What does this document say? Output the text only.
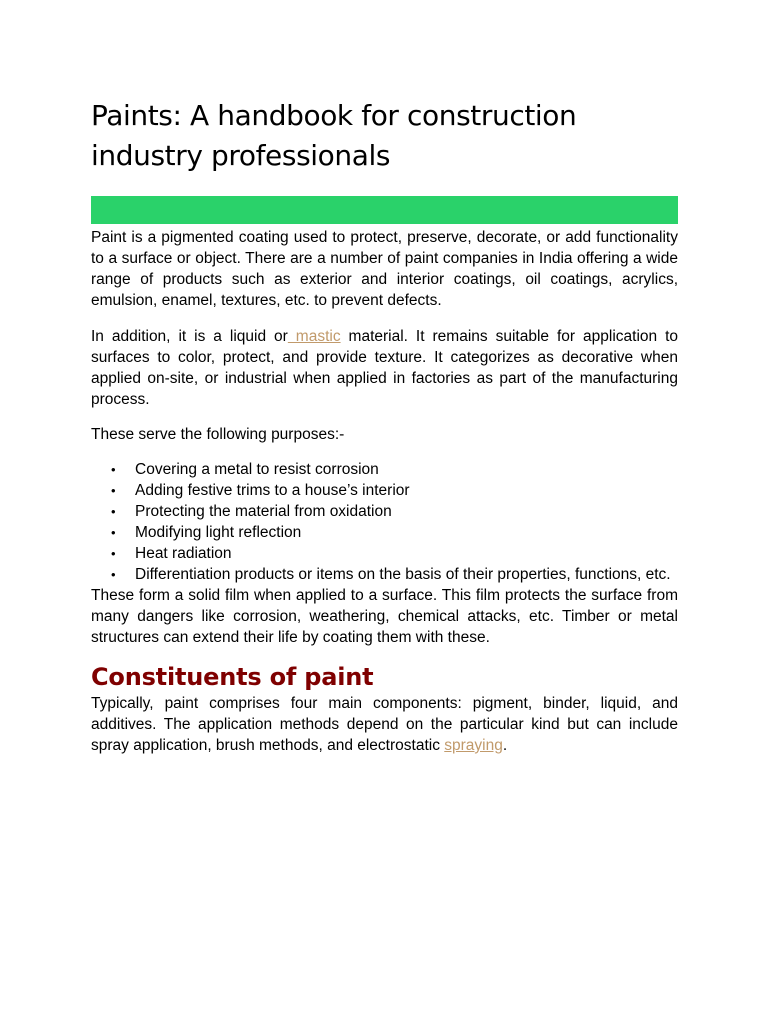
Paints: A handbook for construction industry professionals

Paint is a pigmented coating used to protect, preserve, decorate, or add functionality to a surface or object. There are a number of paint companies in India offering a wide range of products such as exterior and interior coatings, oil coatings, acrylics, emulsion, enamel, textures, etc. to prevent defects.

In addition, it is a liquid or mastic material. It remains suitable for application to surfaces to color, protect, and provide texture. It categorizes as decorative when applied on-site, or industrial when applied in factories as part of the manufacturing process.

These serve the following purposes:-

• Covering a metal to resist corrosion
• Adding festive trims to a house’s interior
• Protecting the material from oxidation
• Modifying light reflection
• Heat radiation
• Differentiation products or items on the basis of their properties, functions, etc.

These form a solid film when applied to a surface. This film protects the surface from many dangers like corrosion, weathering, chemical attacks, etc. Timber or metal structures can extend their life by coating them with these.

Constituents of paint

Typically, paint comprises four main components: pigment, binder, liquid, and additives. The application methods depend on the particular kind but can include spray application, brush methods, and electrostatic spraying.
